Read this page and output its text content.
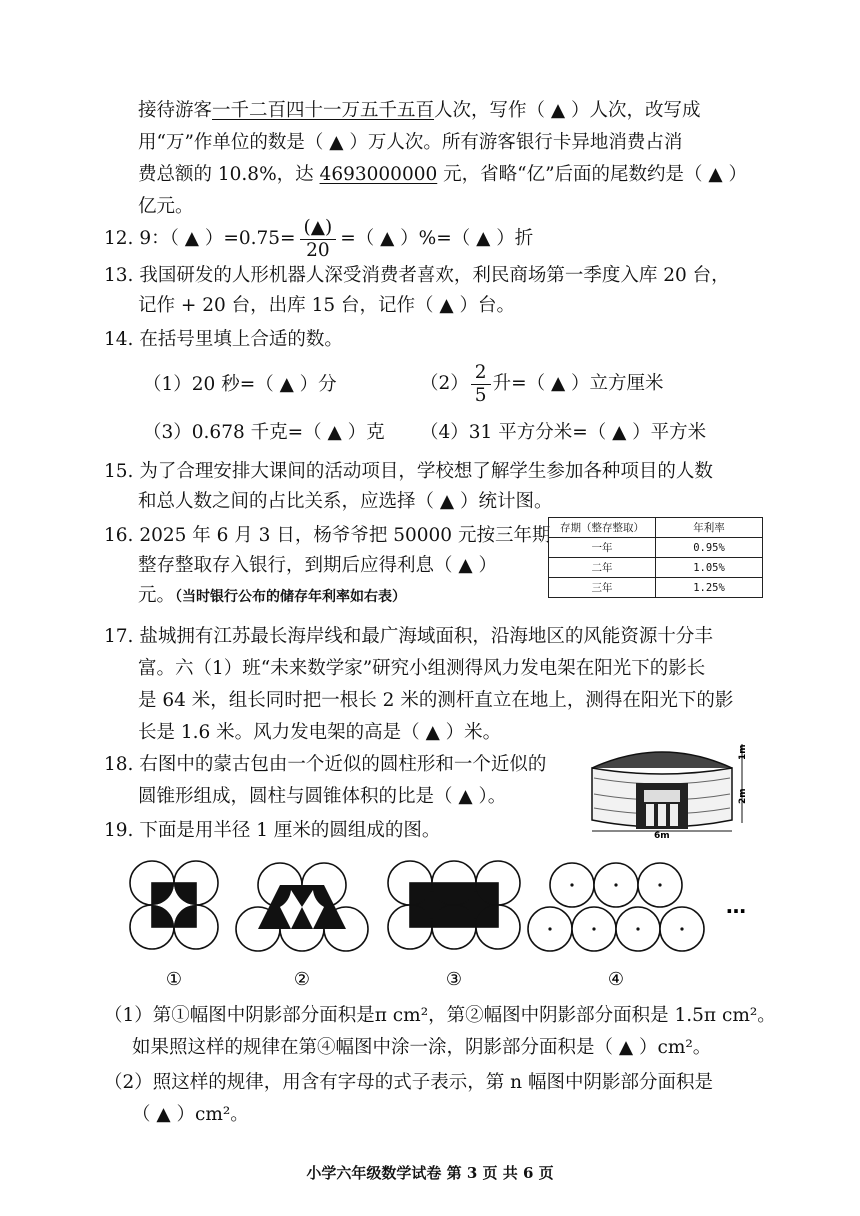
接待游客一千二百四十一万五千五百人次，写作（ ▲ ）人次，改写成
用“万”作单位的数是（ ▲ ）万人次。所有游客银行卡异地消费占消
费总额的 10.8%，达 4693000000 元，省略“亿”后面的尾数约是（ ▲ ）
亿元。
12. 9：（ ▲ ）$=0.75= \frac{(▲)}{20}$ =（ ▲ ）%=（ ▲ ）折
13. 我国研发的人形机器人深受消费者喜欢，利民商场第一季度入库 20 台，
记作 + 20 台，出库 15 台，记作（ ▲ ）台。
14. 在括号里填上合适的数。
（1）20 秒=（ ▲ ）分	$(2) \frac{2}{5}$ 升=（ ▲ ）立方厘米
（3）0.678 千克=（ ▲ ）克 （4）31 平方分米=（ ▲ ）平方米
15. 为了合理安排大课间的活动项目，学校想了解学生参加各种项目的人数
和总人数之间的占比关系，应选择（ ▲ ）统计图。
16. 2025 年 6 月 3 日，杨爷爷把 50000 元按三年期
整存整取存入银行，到期后应得利息（ ▲ ）
元。（当时银行公布的储存年利率如右表）
存期（整存整取）	年利率
一年	0.95%
二年	1.05%
三年	1.25%
17. 盐城拥有江苏最长海岸线和最广海域面积，沿海地区的风能资源十分丰
富。六（1）班“未来数学家”研究小组测得风力发电架在阳光下的影长
是 64 米，组长同时把一根长 2 米的测杆直立在地上，测得在阳光下的影
长是 1.6 米。风力发电架的高是（ ▲ ）米。
18. 右图中的蒙古包由一个近似的圆柱形和一个近似的
圆锥形组成，圆柱与圆锥体积的比是（ ▲ ）。
1m
2m
6m
19. 下面是用半径 1 厘米的圆组成的图。
①	②	③	④
…
（1）第①幅图中阴影部分面积是π cm²，第②幅图中阴影部分面积是 1.5π cm²。
如果照这样的规律在第④幅图中涂一涂，阴影部分面积是（ ▲ ）cm²。
（2）照这样的规律，用含有字母的式子表示，第 n 幅图中阴影部分面积是
（ ▲ ）cm²。
小学六年级数学试卷 第 3 页 共 6 页
